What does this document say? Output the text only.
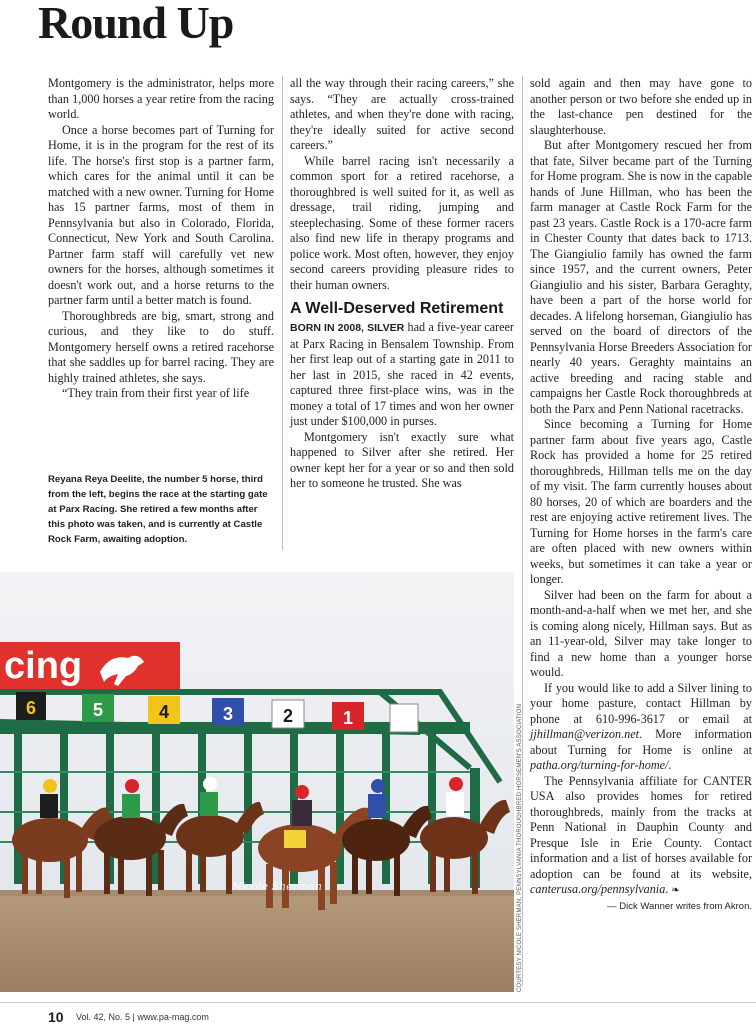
Round Up

Montgomery is the administrator, helps more than 1,000 horses a year retire from the racing world.

Once a horse becomes part of Turning for Home, it is in the program for the rest of its life. The horse's first stop is a partner farm, which cares for the animal until it can be matched with a new owner. Turning for Home has 15 partner farms, most of them in Pennsylvania but also in Colorado, Florida, Connecticut, New York and South Carolina. Partner farm staff will carefully vet new owners for the horses, although sometimes it doesn't work out, and a horse returns to the partner farm until a better match is found.

Thoroughbreds are big, smart, strong and curious, and they like to do stuff. Montgomery herself owns a retired racehorse that she saddles up for barrel racing. They are highly trained athletes, she says.

“They train from their first year of life

Reyana Reya Deelite, the number 5 horse, third from the left, begins the race at the starting gate at Parx Racing. She retired a few months after this photo was taken, and is currently at Castle Rock Farm, awaiting adoption.

all the way through their racing careers,” she says. “They are actually cross-trained athletes, and when they're done with racing, they're ideally suited for active second careers.”

While barrel racing isn't necessarily a common sport for a retired racehorse, a thoroughbred is well suited for it, as well as dressage, trail riding, jumping and steeplechasing. Some of these former racers also find new life in therapy programs and police work. Most often, however, they enjoy second careers providing pleasure rides to their human owners.

A Well-Deserved Retirement

BORN IN 2008, SILVER had a five-year career at Parx Racing in Bensalem Township. From her first leap out of a starting gate in 2011 to her last in 2015, she raced in 42 events, captured three first-place wins, was in the money a total of 17 times and won her owner just under $100,000 in purses.

Montgomery isn't exactly sure what happened to Silver after she retired. Her owner kept her for a year or so and then sold her to someone he trusted. She was

sold again and then may have gone to another person or two before she ended up in the last-chance pen destined for the slaughterhouse.

But after Montgomery rescued her from that fate, Silver became part of the Turning for Home program. She is now in the capable hands of June Hillman, who has been the farm manager at Castle Rock Farm for the past 23 years. Castle Rock is a 170-acre farm in Chester County that dates back to 1713. The Giangiulio family has owned the farm since 1957, and the current owners, Peter Giangiulio and his sister, Barbara Geraghty, have been a part of the horse world for decades. A lifelong horseman, Giangiulio has served on the board of directors of the Pennsylvania Horse Breeders Association for nearly 40 years. Geraghty maintains an active breeding and racing stable and campaigns her Castle Rock thoroughbreds at both the Parx and Penn National racetracks.

Since becoming a Turning for Home partner farm about five years ago, Castle Rock has provided a home for 25 retired thoroughbreds, Hillman tells me on the day of my visit. The farm currently houses about 80 horses, 20 of which are boarders and the rest are enjoying active retirement lives. The Turning for Home horses in the farm's care are often placed with new owners within weeks, but sometimes it can take a year or longer.

Silver had been on the farm for about a month-and-a-half when we met her, and she is coming along nicely, Hillman says. But as an 11-year-old, Silver may take longer to find a new home than a younger horse would.

If you would like to add a Silver lining to your home pasture, contact Hillman by phone at 610-996-3617 or email at jjhillman@verizon.net. More information about Turning for Home is online at patha.org/turning-for-home/.

The Pennsylvania affiliate for CANTER USA also provides homes for retired thoroughbreds, mainly from the tracks at Penn National in Dauphin County and Presque Isle in Erie County. Contact information and a list of horses available for adoption can be found at its website, canterusa.org/pennsylvania. ❧

— Dick Wanner writes from Akron.

cing
6	5	4	3	2	1
Nicole Sherman	COURTESY NICOLE SHERMAN, PENNSYLVANIA THOROUGHBRED HORSEMEN'S ASSOCIATION
10 Vol. 42, No. 5 | www.pa-mag.com
